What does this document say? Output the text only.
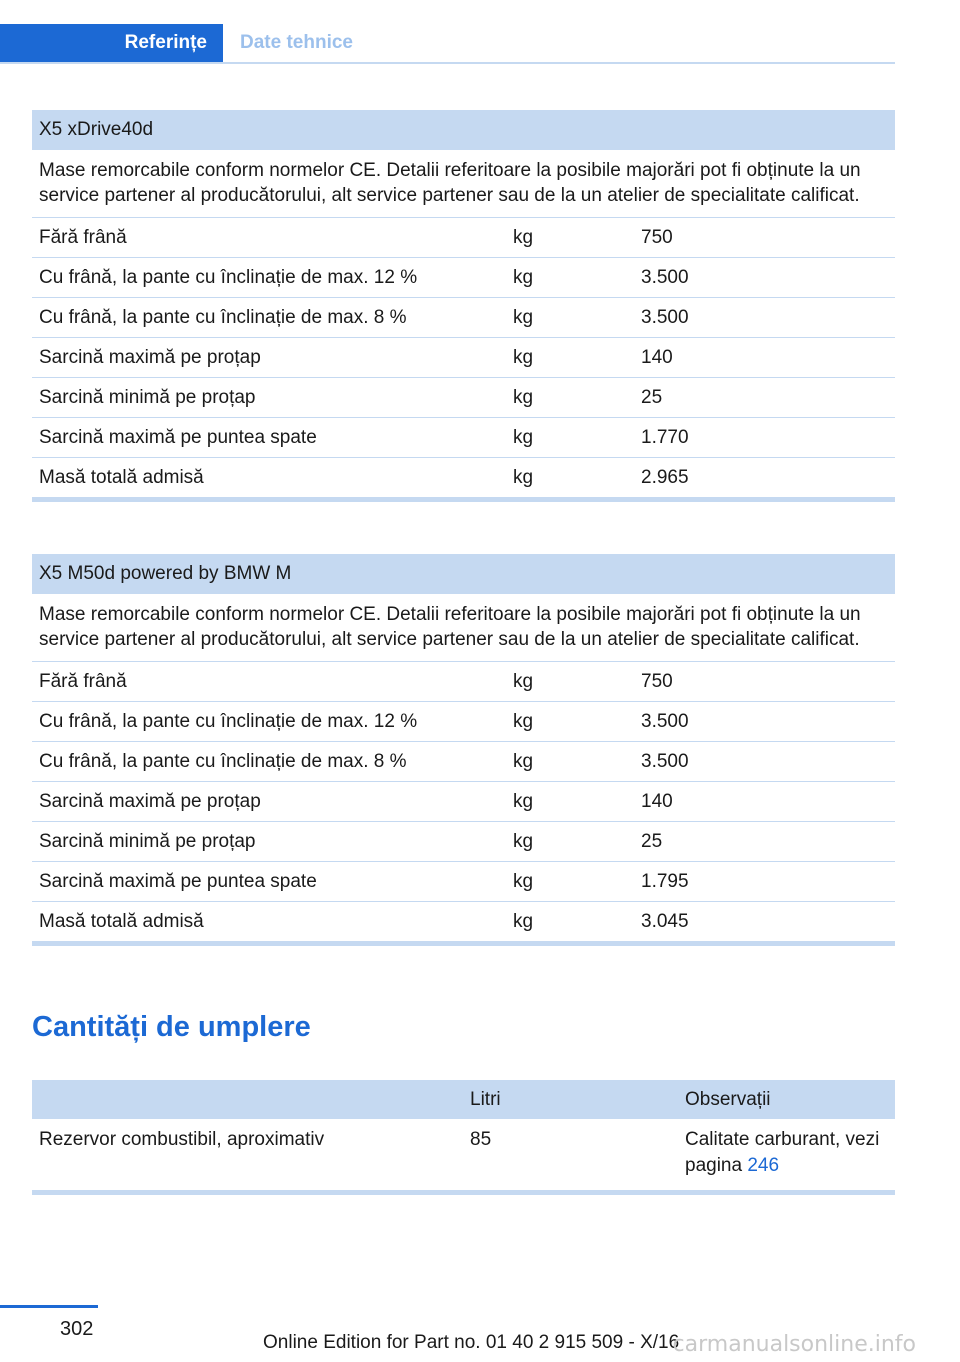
Referințe	Date tehnice
X5 xDrive40d		
Mase remorcabile conform normelor CE. Detalii referitoare la posibile majorări pot fi obținute la un service partener al producătorului, alt service partener sau de la un atelier de specialitate calificat.		
Fără frână	kg	750
Cu frână, la pante cu înclinație de max. 12 %	kg	3.500
Cu frână, la pante cu înclinație de max. 8 %	kg	3.500
Sarcină maximă pe proțap	kg	140
Sarcină minimă pe proțap	kg	25
Sarcină maximă pe puntea spate	kg	1.770
Masă totală admisă	kg	2.965
X5 M50d powered by BMW M		
Mase remorcabile conform normelor CE. Detalii referitoare la posibile majorări pot fi obținute la un service partener al producătorului, alt service partener sau de la un atelier de specialitate calificat.		
Fără frână	kg	750
Cu frână, la pante cu înclinație de max. 12 %	kg	3.500
Cu frână, la pante cu înclinație de max. 8 %	kg	3.500
Sarcină maximă pe proțap	kg	140
Sarcină minimă pe proțap	kg	25
Sarcină maximă pe puntea spate	kg	1.795
Masă totală admisă	kg	3.045
Cantități de umplere
	Litri	Observații
Rezervor combustibil, aproximativ	85	Calitate carburant, vezi pagina 246
302
Online Edition for Part no. 01 40 2 915 509 - X/16
carmanualsonline.info
